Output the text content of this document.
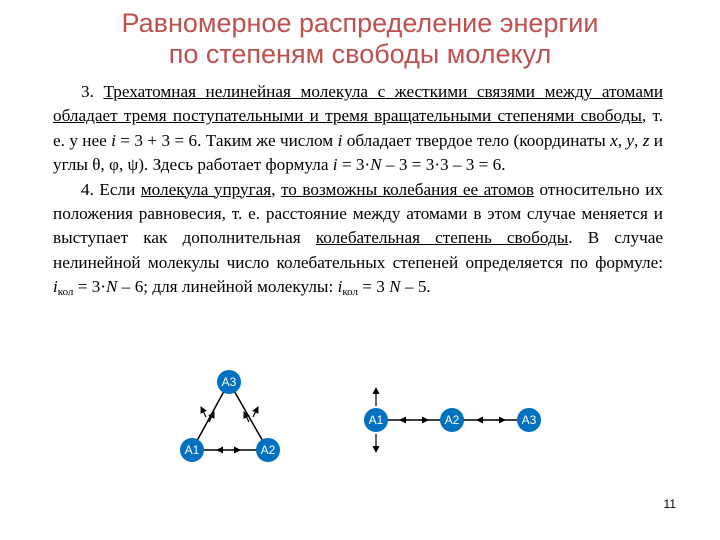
Равномерное распределение энергии
по степеням свободы молекул

3. Трехатомная нелинейная молекула с жесткими связями между атомами обладает тремя поступательными и тремя вращательными степенями свободы, т. е. у нее i = 3 + 3 = 6. Таким же числом i обладает твердое тело (координаты x, y, z и углы θ, φ, ψ). Здесь работает формула i = 3·N – 3 = 3·3 – 3 = 6.

4. Если молекула упругая, то возможны колебания ее атомов относительно их положения равновесия, т. е. расстояние между атомами в этом случае меняется и выступает как дополнительная колебательная степень свободы. В случае нелинейной молекулы число колебательных степеней определяется по формуле: $i_{кол} = 3\cdot N - 6$; для линейной молекулы: $i_{кол} = 3$ N – 5.

A3
A1	A2
A1	A2	A3
11
